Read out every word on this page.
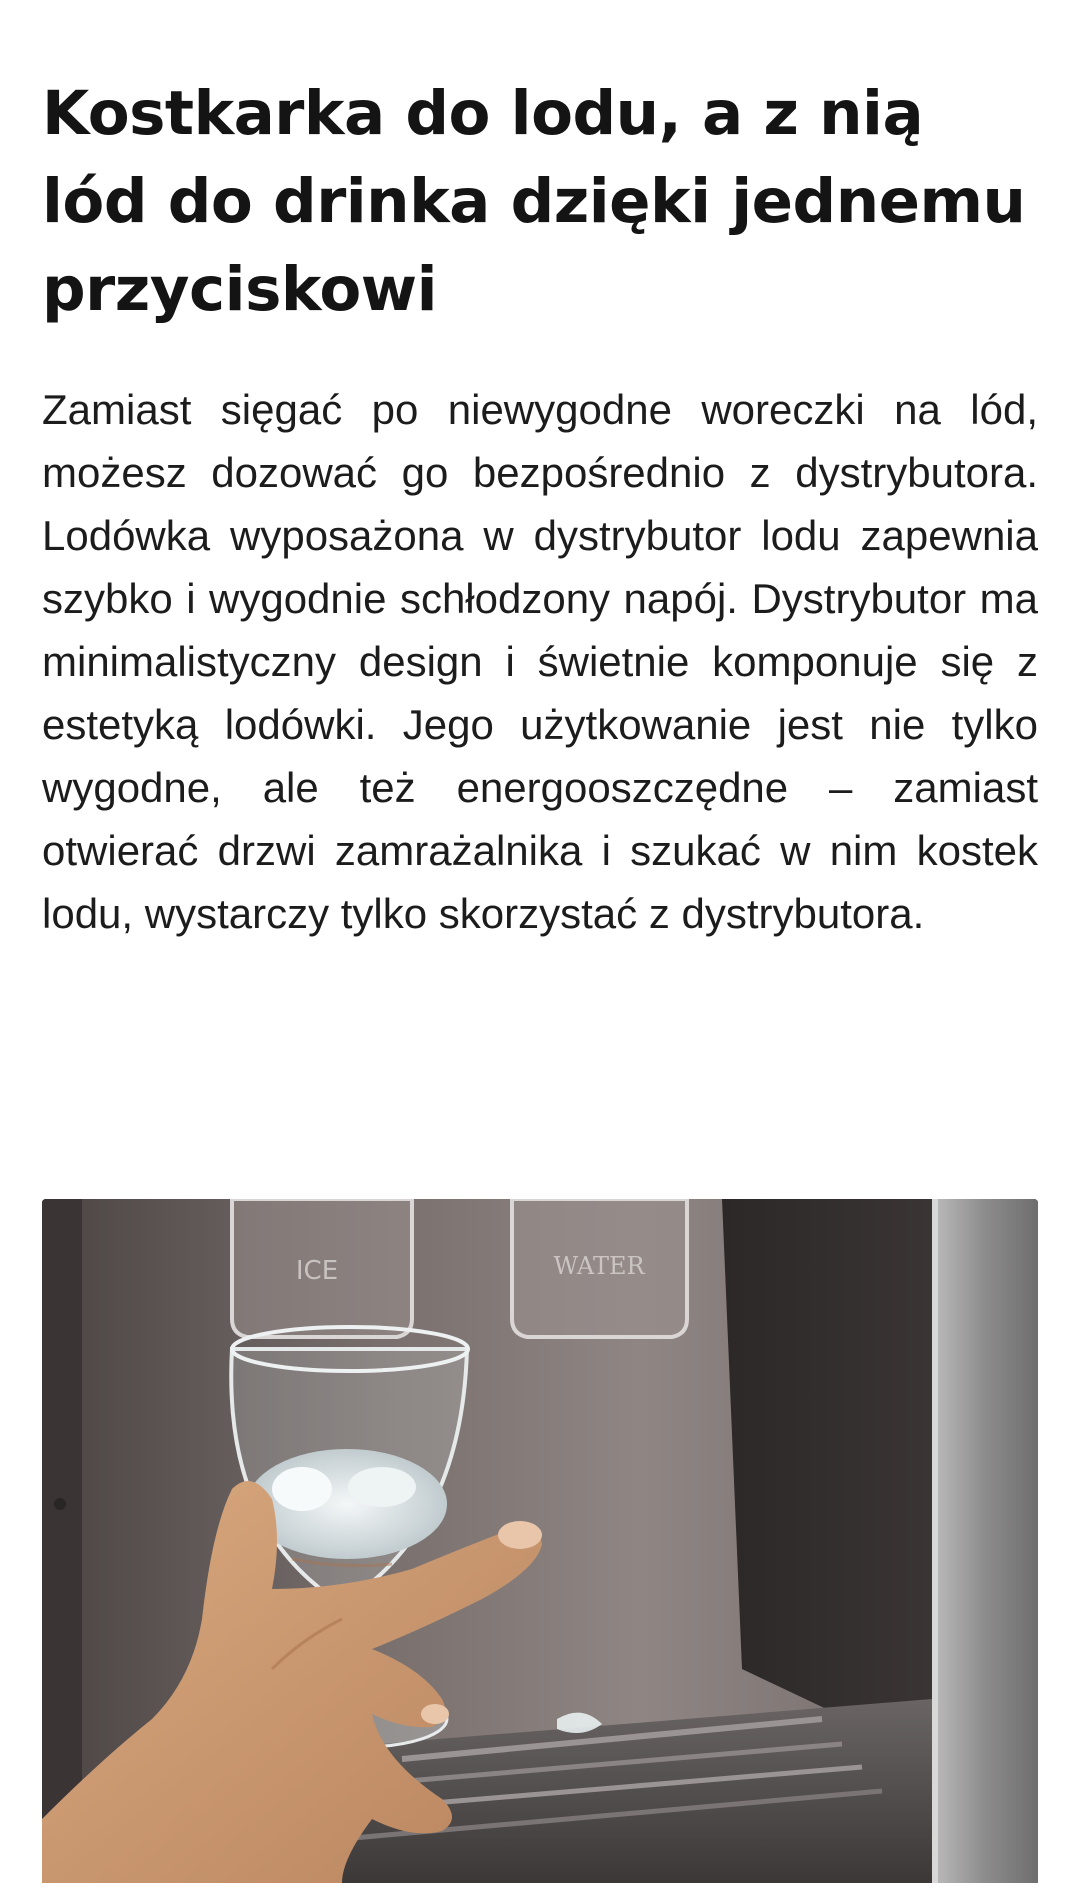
Kostkarka do lodu, a z nią lód do drinka dzięki jednemu przyciskowi

Zamiast sięgać po niewygodne woreczki na lód, możesz dozować go bezpośrednio z dystrybutora. Lodówka wyposażona w dystrybutor lodu zapewnia szybko i wygodnie schłodzony napój. Dystrybutor ma minimalistyczny design i świetnie komponuje się z estetyką lodówki. Jego użytkowanie jest nie tylko wygodne, ale też energooszczędne – zamiast otwierać drzwi zamrażalnika i szukać w nim kostek lodu, wystarczy tylko skorzystać z dystrybutora.

ICE	WATER
